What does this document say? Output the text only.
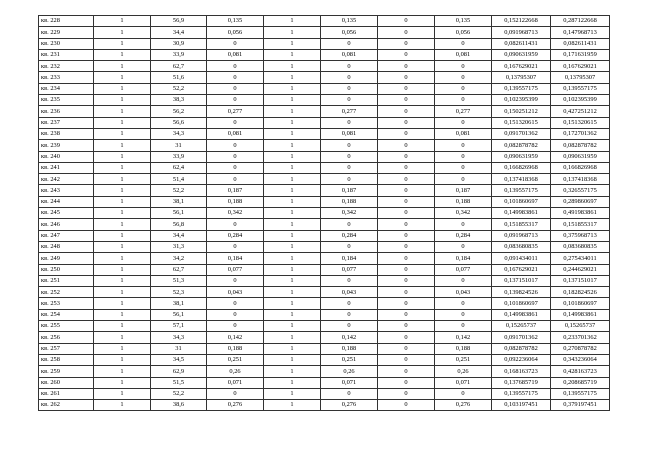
кв. 228	1	56,9	0,135	1	0,135	0	0,135	0,152122668	0,287122668
кв. 229	1	34,4	0,056	1	0,056	0	0,056	0,091968713	0,147968713
кв. 230	1	30,9	0	1	0	0	0	0,082611431	0,082611431
кв. 231	1	33,9	0,081	1	0,081	0	0,081	0,090631959	0,171631959
кв. 232	1	62,7	0	1	0	0	0	0,167629021	0,167629021
кв. 233	1	51,6	0	1	0	0	0	0,13795307	0,13795307
кв. 234	1	52,2	0	1	0	0	0	0,139557175	0,139557175
кв. 235	1	38,3	0	1	0	0	0	0,102395399	0,102395399
кв. 236	1	56,2	0,277	1	0,277	0	0,277	0,150251212	0,427251212
кв. 237	1	56,6	0	1	0	0	0	0,151320615	0,151320615
кв. 238	1	34,3	0,081	1	0,081	0	0,081	0,091701362	0,172701362
кв. 239	1	31	0	1	0	0	0	0,082878782	0,082878782
кв. 240	1	33,9	0	1	0	0	0	0,090631959	0,090631959
кв. 241	1	62,4	0	1	0	0	0	0,166826968	0,166826968
кв. 242	1	51,4	0	1	0	0	0	0,137418368	0,137418368
кв. 243	1	52,2	0,187	1	0,187	0	0,187	0,139557175	0,326557175
кв. 244	1	38,1	0,188	1	0,188	0	0,188	0,101860697	0,289860697
кв. 245	1	56,1	0,342	1	0,342	0	0,342	0,149983861	0,491983861
кв. 246	1	56,8	0	1	0	0	0	0,151855317	0,151855317
кв. 247	1	34,4	0,284	1	0,284	0	0,284	0,091968713	0,375968713
кв. 248	1	31,3	0	1	0	0	0	0,083680835	0,083680835
кв. 249	1	34,2	0,184	1	0,184	0	0,184	0,091434011	0,275434011
кв. 250	1	62,7	0,077	1	0,077	0	0,077	0,167629021	0,244629021
кв. 251	1	51,3	0	1	0	0	0	0,137151017	0,137151017
кв. 252	1	52,3	0,043	1	0,043	0	0,043	0,139824526	0,182824526
кв. 253	1	38,1	0	1	0	0	0	0,101860697	0,101860697
кв. 254	1	56,1	0	1	0	0	0	0,149983861	0,149983861
кв. 255	1	57,1	0	1	0	0	0	0,15265737	0,15265737
кв. 256	1	34,3	0,142	1	0,142	0	0,142	0,091701362	0,233701362
кв. 257	1	31	0,188	1	0,188	0	0,188	0,082878782	0,270878782
кв. 258	1	34,5	0,251	1	0,251	0	0,251	0,092236064	0,343236064
кв. 259	1	62,9	0,26	1	0,26	0	0,26	0,168163723	0,428163723
кв. 260	1	51,5	0,071	1	0,071	0	0,071	0,137685719	0,208685719
кв. 261	1	52,2	0	1	0	0	0	0,139557175	0,139557175
кв. 262	1	38,6	0,276	1	0,276	0	0,276	0,103197451	0,379197451
